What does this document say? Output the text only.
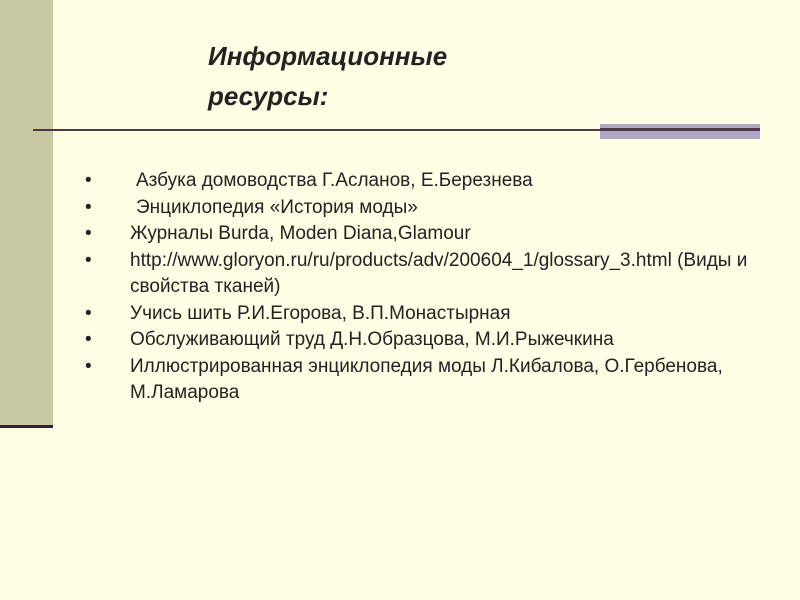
Информационные
ресурсы:
• Азбука домоводства Г.Асланов, Е.Березнева
• Энциклопедия «История моды»
• Журналы Burda, Moden Diana,Glamour
• http://www.gloryon.ru/ru/products/adv/200604_1/glossary_3.html (Виды и свойства тканей)
• Учись шить Р.И.Егорова, В.П.Монастырная
• Обслуживающий труд Д.Н.Образцова, М.И.Рыжечкина
• Иллюстрированная энциклопедия моды Л.Кибалова, О.Гербенова, М.Ламарова
